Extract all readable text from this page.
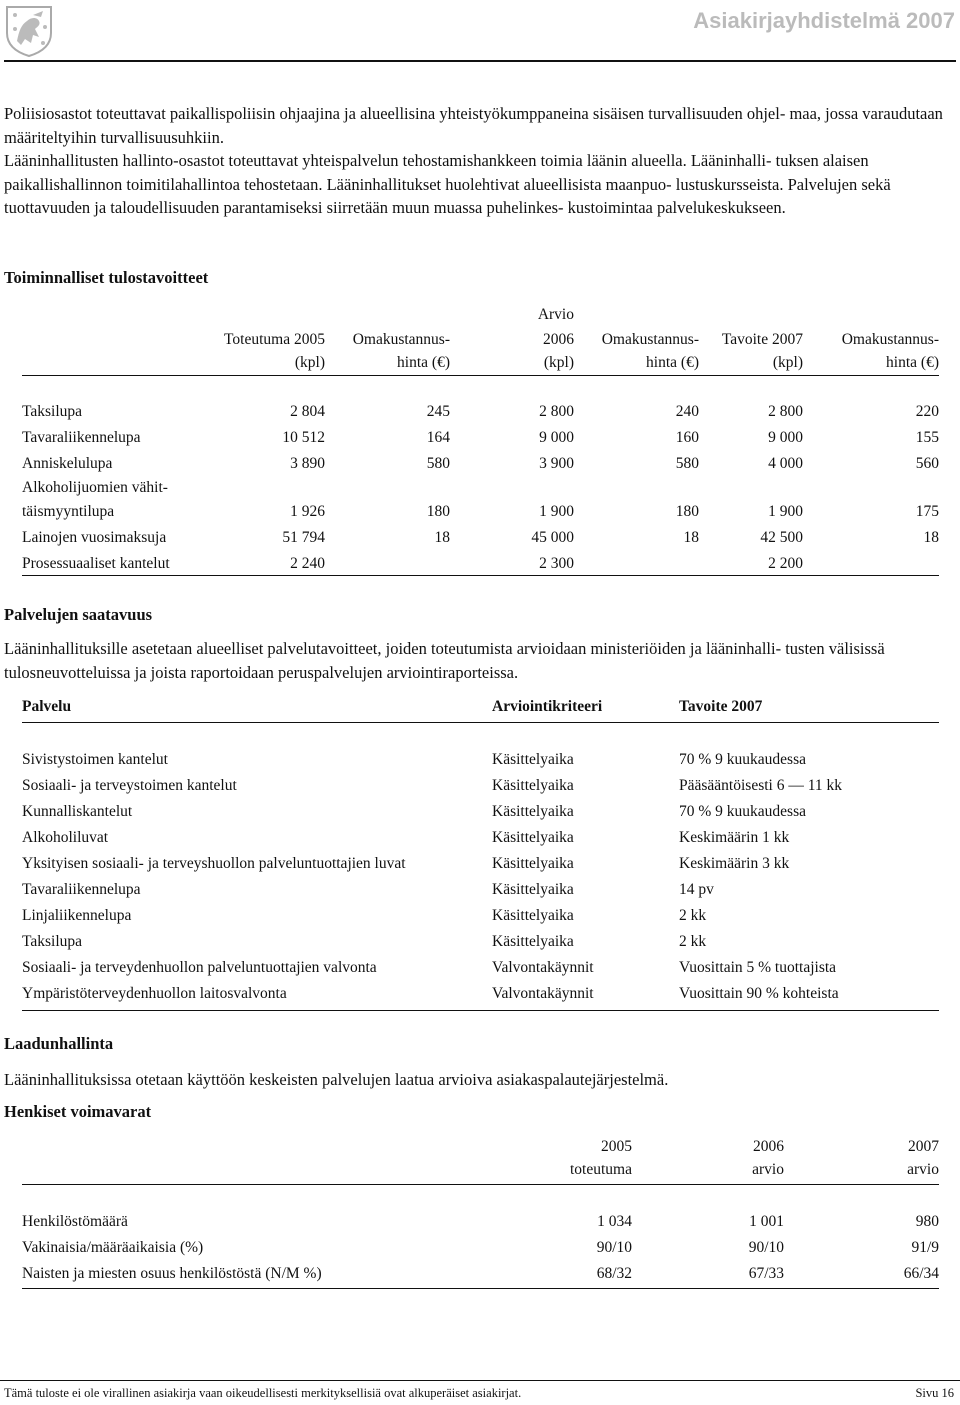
Asiakirjayhdistelmä 2007

Poliisiosastot toteuttavat paikallispoliisin ohjaajina ja alueellisina yhteistyökumppaneina sisäisen turvallisuuden ohjel- maa, jossa varaudutaan määriteltyihin turvallisuusuhkiin.

Lääninhallitusten hallinto-osastot toteuttavat yhteispalvelun tehostamishankkeen toimia läänin alueella. Lääninhalli- tuksen alaisen paikallishallinnon toimitilahallintoa tehostetaan. Lääninhallitukset huolehtivat alueellisista maanpuo- lustuskursseista. Palvelujen sekä tuottavuuden ja taloudellisuuden parantamiseksi siirretään muun muassa puhelinkes- kustoimintaa palvelukeskukseen.

Toiminnalliset tulostavoitteet
Arvio
	Toteutuma 2005	Omakustannus-	2006	Omakustannus-	Tavoite 2007	Omakustannus-
	(kpl)	hinta (€)	(kpl)	hinta (€)	(kpl)	hinta (€)
Taksilupa	2 804	245	2 800	240	2 800	220
Tavaraliikennelupa	10 512	164	9 000	160	9 000	155
Anniskelulupa	3 890	580	3 900	580	4 000	560
Alkoholijuomien vähit-						
täismyyntilupa	1 926	180	1 900	180	1 900	175
Lainojen vuosimaksuja	51 794	18	45 000	18	42 500	18
Prosessuaaliset kantelut	2 240		2 300		2 200	
Palvelujen saatavuus

Lääninhallituksille asetetaan alueelliset palvelutavoitteet, joiden toteutumista arvioidaan ministeriöiden ja lääninhalli- tusten välisissä tulosneuvotteluissa ja joista raportoidaan peruspalvelujen arviointiraporteissa.

Palvelu	Arviointikriteeri	Tavoite 2007
Sivistystoimen kantelut	Käsittelyaika	70 % 9 kuukaudessa
Sosiaali- ja terveystoimen kantelut	Käsittelyaika	Pääsääntöisesti 6 — 11 kk
Kunnalliskantelut	Käsittelyaika	70 % 9 kuukaudessa
Alkoholiluvat	Käsittelyaika	Keskimäärin 1 kk
Yksityisen sosiaali- ja terveyshuollon palveluntuottajien luvat	Käsittelyaika	Keskimäärin 3 kk
Tavaraliikennelupa	Käsittelyaika	14 pv
Linjaliikennelupa	Käsittelyaika	2 kk
Taksilupa	Käsittelyaika	2 kk
Sosiaali- ja terveydenhuollon palveluntuottajien valvonta	Valvontakäynnit	Vuosittain 5 % tuottajista
Ympäristöterveydenhuollon laitosvalvonta	Valvontakäynnit	Vuosittain 90 % kohteista
Laadunhallinta

Lääninhallituksissa otetaan käyttöön keskeisten palvelujen laatua arvioiva asiakaspalautejärjestelmä.

Henkiset voimavarat
	2005	2006	2007
	toteutuma	arvio	arvio
Henkilöstömäärä	1 034	1 001	980
Vakinaisia/määräaikaisia (%)	90/10	90/10	91/9
Naisten ja miesten osuus henkilöstöstä (N/M %)	68/32	67/33	66/34
Tämä tuloste ei ole virallinen asiakirja vaan oikeudellisesti merkityksellisiä ovat alkuperäiset asiakirjat.	Sivu 16
